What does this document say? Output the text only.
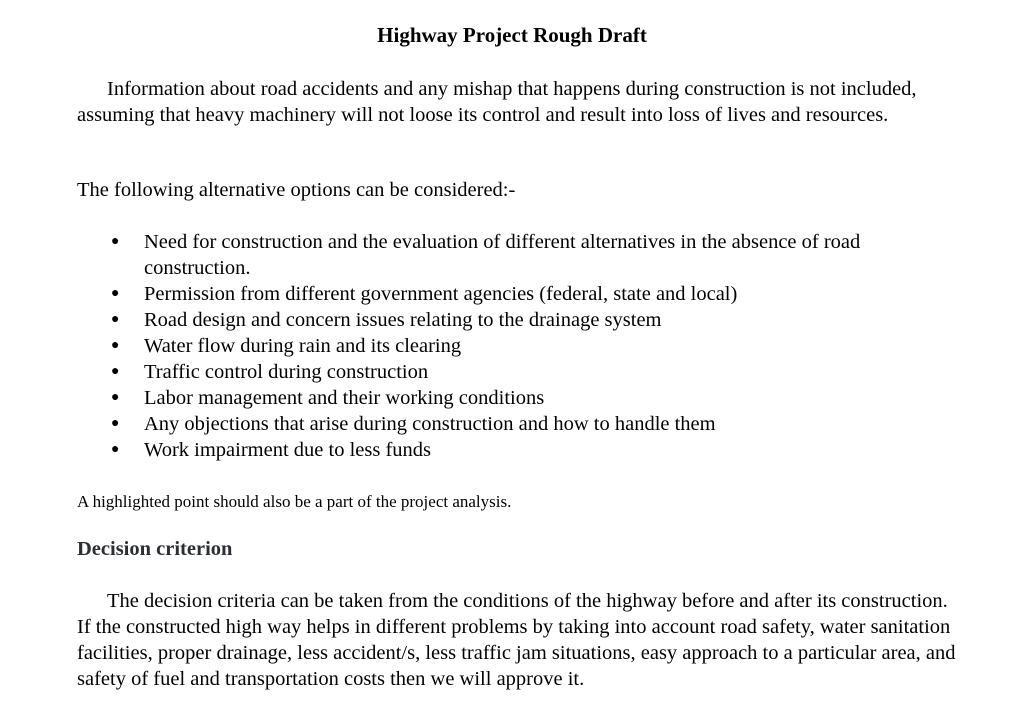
Highway Project Rough Draft

Information about road accidents and any mishap that happens during construction is not included, assuming that heavy machinery will not loose its control and result into loss of lives and resources.

The following alternative options can be considered:-

● Need for construction and the evaluation of different alternatives in the absence of road construction.
● Permission from different government agencies (federal, state and local)
● Road design and concern issues relating to the drainage system
● Water flow during rain and its clearing
● Traffic control during construction
● Labor management and their working conditions
● Any objections that arise during construction and how to handle them
● Work impairment due to less funds
A highlighted point should also be a part of the project analysis.
Decision criterion

The decision criteria can be taken from the conditions of the highway before and after its construction. If the constructed high way helps in different problems by taking into account road safety, water sanitation facilities, proper drainage, less accident/s, less traffic jam situations, easy approach to a particular area, and safety of fuel and transportation costs then we will approve it.
